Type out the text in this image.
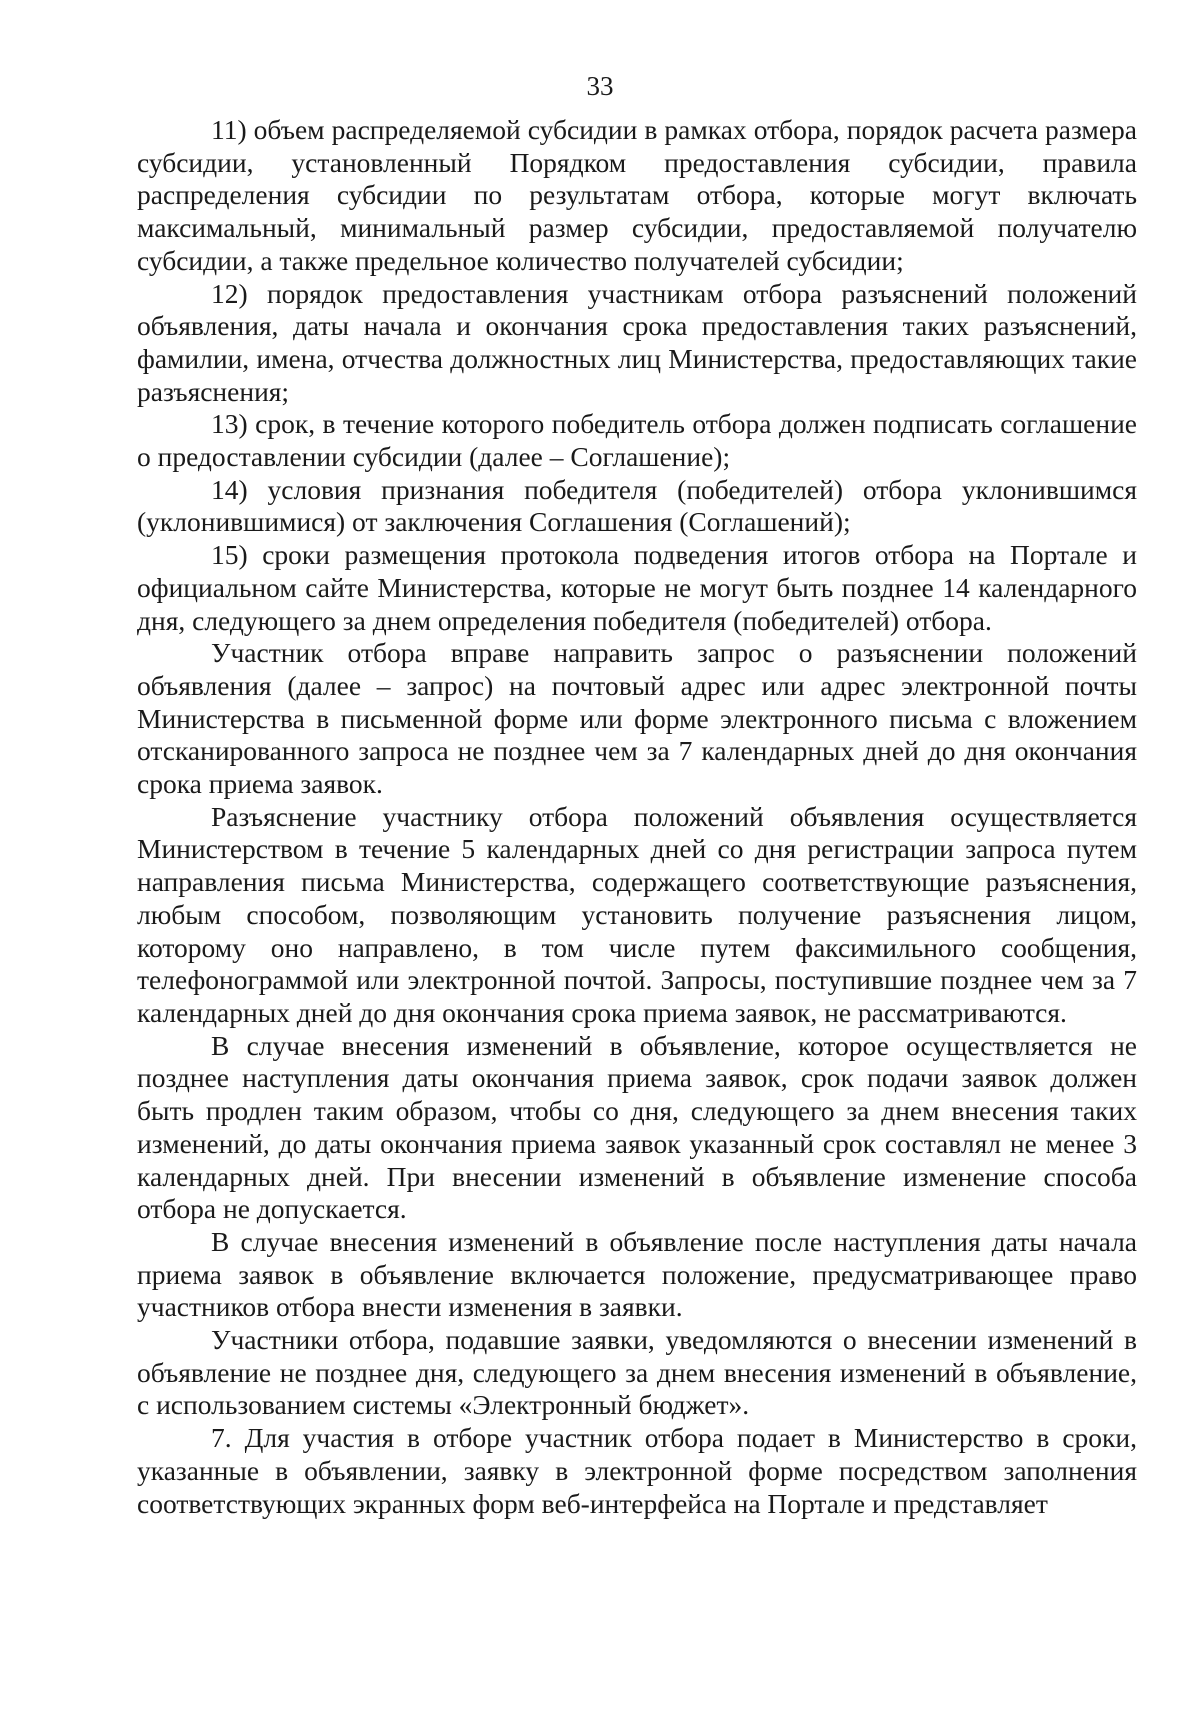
33

11) объем распределяемой субсидии в рамках отбора, порядок расчета размера субсидии, установленный Порядком предоставления субсидии, правила распределения субсидии по результатам отбора, которые могут включать максимальный, минимальный размер субсидии, предоставляемой получателю субсидии, а также предельное количество получателей субсидии;

12) порядок предоставления участникам отбора разъяснений положений объявления, даты начала и окончания срока предоставления таких разъяснений, фамилии, имена, отчества должностных лиц Министерства, предоставляющих такие разъяснения;

13) срок, в течение которого победитель отбора должен подписать соглашение о предоставлении субсидии (далее – Соглашение);

14) условия признания победителя (победителей) отбора уклонившимся (уклонившимися) от заключения Соглашения (Соглашений);

15) сроки размещения протокола подведения итогов отбора на Портале и официальном сайте Министерства, которые не могут быть позднее 14 календарного дня, следующего за днем определения победителя (победителей) отбора.

Участник отбора вправе направить запрос о разъяснении положений объявления (далее – запрос) на почтовый адрес или адрес электронной почты Министерства в письменной форме или форме электронного письма с вложением отсканированного запроса не позднее чем за 7 календарных дней до дня окончания срока приема заявок.

Разъяснение участнику отбора положений объявления осуществляется Министерством в течение 5 календарных дней со дня регистрации запроса путем направления письма Министерства, содержащего соответствующие разъяснения, любым способом, позволяющим установить получение разъяснения лицом, которому оно направлено, в том числе путем факсимильного сообщения, телефонограммой или электронной почтой. Запросы, поступившие позднее чем за 7 календарных дней до дня окончания срока приема заявок, не рассматриваются.

В случае внесения изменений в объявление, которое осуществляется не позднее наступления даты окончания приема заявок, срок подачи заявок должен быть продлен таким образом, чтобы со дня, следующего за днем внесения таких изменений, до даты окончания приема заявок указанный срок составлял не менее 3 календарных дней. При внесении изменений в объявление изменение способа отбора не допускается.

В случае внесения изменений в объявление после наступления даты начала приема заявок в объявление включается положение, предусматривающее право участников отбора внести изменения в заявки.

Участники отбора, подавшие заявки, уведомляются о внесении изменений в объявление не позднее дня, следующего за днем внесения изменений в объявление, с использованием системы «Электронный бюджет».

7. Для участия в отборе участник отбора подает в Министерство в сроки, указанные в объявлении, заявку в электронной форме посредством заполнения соответствующих экранных форм веб-интерфейса на Портале и представляет
